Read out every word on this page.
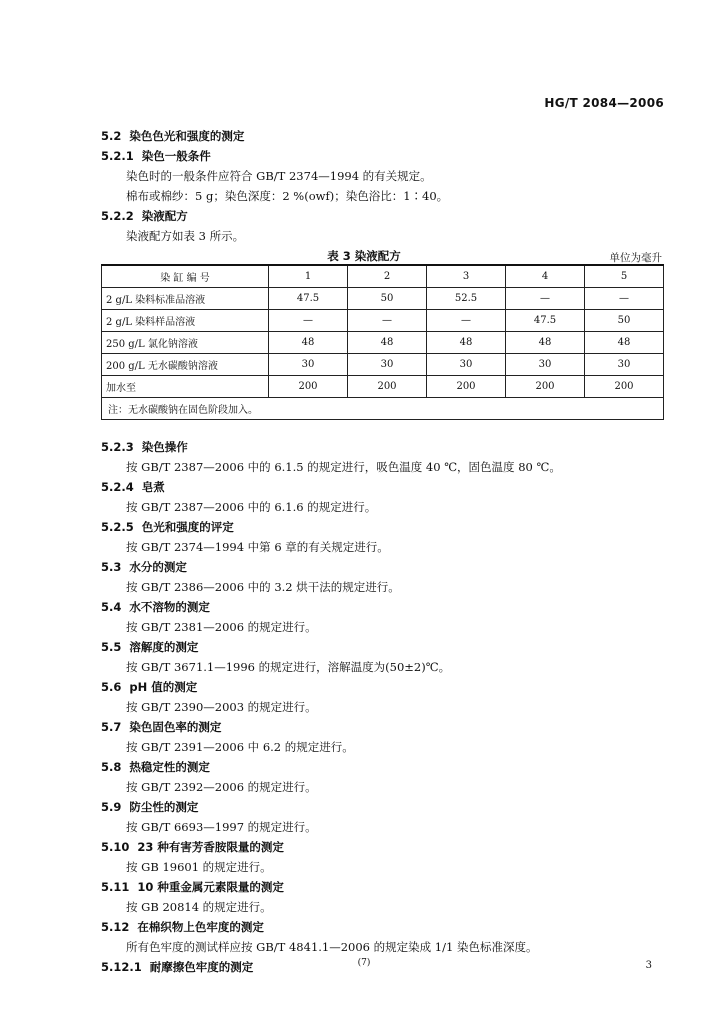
HG/T 2084—2006
5.2 染色色光和强度的测定
5.2.1 染色一般条件
染色时的一般条件应符合 GB/T 2374—1994 的有关规定。
棉布或棉纱：5 g；染色深度：2 %(owf)；染色浴比：1∶40。
5.2.2 染液配方
染液配方如表 3 所示。
表 3 染液配方	单位为毫升
染 缸 编 号	1	2	3	4	5
2 g/L 染料标准品溶液	47.5	50	52.5	—	—
2 g/L 染料样品溶液	—	—	—	47.5	50
250 g/L 氯化钠溶液	48	48	48	48	48
200 g/L 无水碳酸钠溶液	30	30	30	30	30
加水至	200	200	200	200	200
注：无水碳酸钠在固色阶段加入。					
5.2.3 染色操作
按 GB/T 2387—2006 中的 6.1.5 的规定进行，吸色温度 40 ℃，固色温度 80 ℃。
5.2.4 皂煮
按 GB/T 2387—2006 中的 6.1.6 的规定进行。
5.2.5 色光和强度的评定
按 GB/T 2374—1994 中第 6 章的有关规定进行。
5.3 水分的测定
按 GB/T 2386—2006 中的 3.2 烘干法的规定进行。
5.4 水不溶物的测定
按 GB/T 2381—2006 的规定进行。
5.5 溶解度的测定
按 GB/T 3671.1—1996 的规定进行，溶解温度为(50±2)℃。
5.6 pH 值的测定
按 GB/T 2390—2003 的规定进行。
5.7 染色固色率的测定
按 GB/T 2391—2006 中 6.2 的规定进行。
5.8 热稳定性的测定
按 GB/T 2392—2006 的规定进行。
5.9 防尘性的测定
按 GB/T 6693—1997 的规定进行。
5.10 23 种有害芳香胺限量的测定
按 GB 19601 的规定进行。
5.11 10 种重金属元素限量的测定
按 GB 20814 的规定进行。
5.12 在棉织物上色牢度的测定
所有色牢度的测试样应按 GB/T 4841.1—2006 的规定染成 1/1 染色标准深度。
5.12.1 耐摩擦色牢度的测定	(7)	3
